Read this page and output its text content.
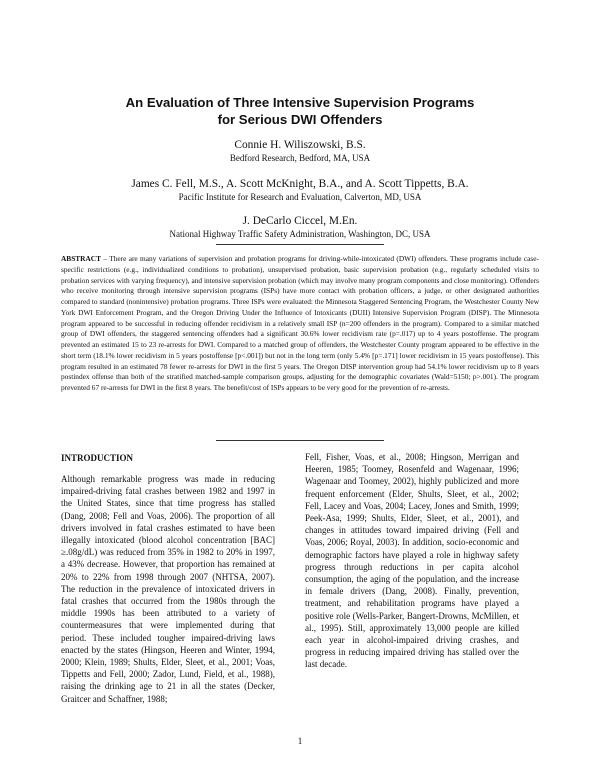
An Evaluation of Three Intensive Supervision Programs
for Serious DWI Offenders

Connie H. Wiliszowski, B.S.

Bedford Research, Bedford, MA, USA

James C. Fell, M.S., A. Scott McKnight, B.A., and A. Scott Tippetts, B.A.

Pacific Institute for Research and Evaluation, Calverton, MD, USA

J. DeCarlo Ciccel, M.En.

National Highway Traffic Safety Administration, Washington, DC, USA

ABSTRACT – There are many variations of supervision and probation programs for driving-while-intoxicated (DWI) offenders. These programs include case-specific restrictions (e.g., individualized conditions to probation), unsupervised probation, basic supervision probation (e.g., regularly scheduled visits to probation services with varying frequency), and intensive supervision probation (which may involve many program components and close monitoring). Offenders who receive monitoring through intensive supervision programs (ISPs) have more contact with probation officers, a judge, or other designated authorities compared to standard (nonintensive) probation programs. Three ISPs were evaluated: the Minnesota Staggered Sentencing Program, the Westchester County New York DWI Enforcement Program, and the Oregon Driving Under the Influence of Intoxicants (DUII) Intensive Supervision Program (DISP). The Minnesota program appeared to be successful in reducing offender recidivism in a relatively small ISP (n=200 offenders in the program). Compared to a similar matched group of DWI offenders, the staggered sentencing offenders had a significant 30.6% lower recidivism rate (p=.017) up to 4 years postoffense. The program prevented an estimated 15 to 23 re-arrests for DWI. Compared to a matched group of offenders, the Westchester County program appeared to be effective in the short term (18.1% lower recidivism in 5 years postoffense [p<.001]) but not in the long term (only 5.4% [p=.171] lower recidivism in 15 years postoffense). This program resulted in an estimated 78 fewer re-arrests for DWI in the first 5 years. The Oregon DISP intervention group had 54.1% lower recidivism up to 8 years postindex offense than both of the stratified matched-sample comparison groups, adjusting for the demographic covariates (Wald=5150; p>.001). The program prevented 67 re-arrests for DWI in the first 8 years. The benefit/cost of ISPs appears to be very good for the prevention of re-arrests.

INTRODUCTION

Although remarkable progress was made in reducing impaired-driving fatal crashes between 1982 and 1997 in the United States, since that time progress has stalled (Dang, 2008; Fell and Voas, 2006). The proportion of all drivers involved in fatal crashes estimated to have been illegally intoxicated (blood alcohol concentration [BAC] ≥.08g/dL) was reduced from 35% in 1982 to 20% in 1997, a 43% decrease. However, that proportion has remained at 20% to 22% from 1998 through 2007 (NHTSA, 2007). The reduction in the prevalence of intoxicated drivers in fatal crashes that occurred from the 1980s through the middle 1990s has been attributed to a variety of countermeasures that were implemented during that period. These included tougher impaired-driving laws enacted by the states (Hingson, Heeren and Winter, 1994, 2000; Klein, 1989; Shults, Elder, Sleet, et al., 2001; Voas, Tippetts and Fell, 2000; Zador, Lund, Field, et al., 1988), raising the drinking age to 21 in all the states (Decker, Graitcer and Schaffner, 1988;

Fell, Fisher, Voas, et al., 2008; Hingson, Merrigan and Heeren, 1985; Toomey, Rosenfeld and Wagenaar, 1996; Wagenaar and Toomey, 2002), highly publicized and more frequent enforcement (Elder, Shults, Sleet, et al., 2002; Fell, Lacey and Voas, 2004; Lacey, Jones and Smith, 1999; Peek-Asa, 1999; Shults, Elder, Sleet, et al., 2001), and changes in attitudes toward impaired driving (Fell and Voas, 2006; Royal, 2003). In addition, socio-economic and demographic factors have played a role in highway safety progress through reductions in per capita alcohol consumption, the aging of the population, and the increase in female drivers (Dang, 2008). Finally, prevention, treatment, and rehabilitation programs have played a positive role (Wells-Parker, Bangert-Drowns, McMillen, et al., 1995). Still, approximately 13,000 people are killed each year in alcohol-impaired driving crashes, and progress in reducing impaired driving has stalled over the last decade.

1
